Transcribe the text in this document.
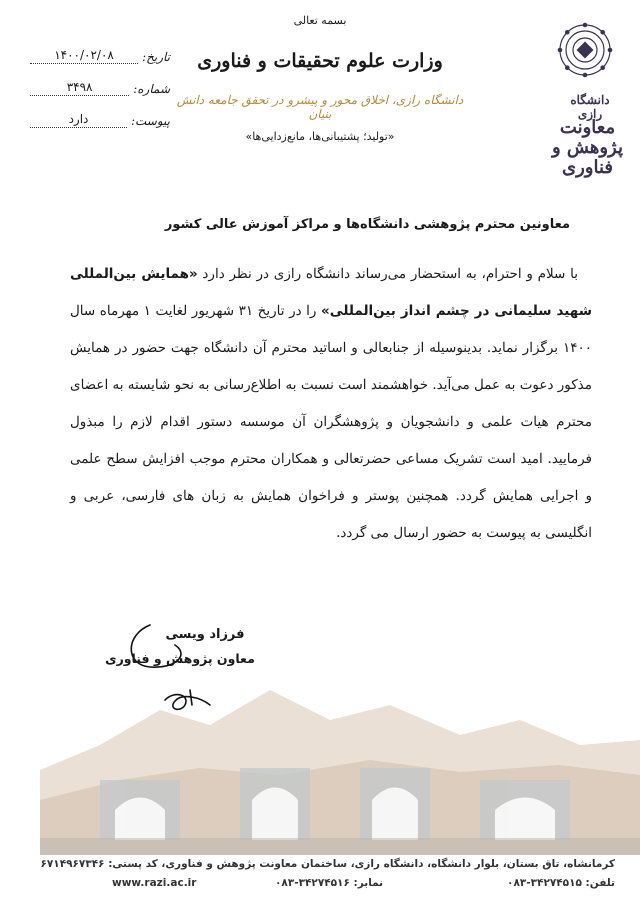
بسمه تعالی
وزارت علوم تحقیقات و فناوری
دانشگاه رازی، اخلاق محور و پیشرو در تحقق جامعه دانش بنیان
«تولید؛ پشتیبانی‌ها، مانع‌زدایی‌ها»
دانشگاه رازی
معاونت
پژوهش و فناوری
تاریخ:
۱۴۰۰/۰۲/۰۸
شماره:
۳۴۹۸
پیوست:
دارد
معاونین محترم پژوهشی دانشگاه‌ها و مراکز آموزش عالی کشور

با سلام و احترام، به استحضار می‌رساند دانشگاه رازی در نظر دارد «همایش بین‌المللی شهید سلیمانی در چشم انداز بین‌المللی» را در تاریخ ۳۱ شهریور لغایت ۱ مهرماه سال ۱۴۰۰ برگزار نماید. بدینوسیله از جنابعالی و اساتید محترم آن دانشگاه جهت حضور در همایش مذکور دعوت به عمل می‌آید. خواهشمند است نسبت به اطلاع‌رسانی به نحو شایسته به اعضای محترم هیات علمی و دانشجویان و پژوهشگران آن موسسه دستور اقدام لازم را مبذول فرمایید. امید است تشریک مساعی حضرتعالی و همکاران محترم موجب افزایش سطح علمی و اجرایی همایش گردد. همچنین پوستر و فراخوان همایش به زبان های فارسی، عربی و انگلیسی به پیوست به حضور ارسال می گردد.

فرزاد ویسی
معاون پژوهش و فناوری
کرمانشاه، تاق بستان، بلوار دانشگاه، دانشگاه رازی، ساختمان معاونت پژوهش و فناوری، کد پستی: ۶۷۱۴۹۶۷۳۴۶
www.razi.ac.ir	نمابر: ۳۴۲۷۴۵۱۶-۰۸۳	تلفن: ۳۴۲۷۴۵۱۵-۰۸۳
